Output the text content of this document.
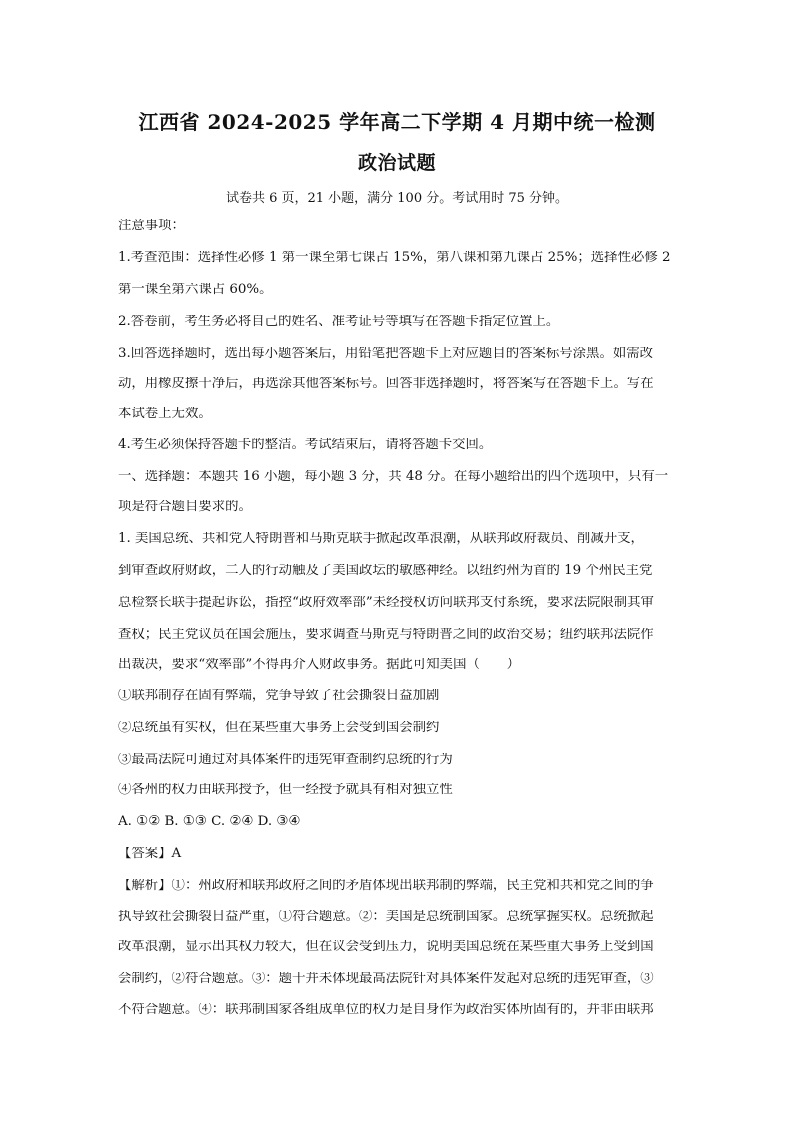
江西省 2024-2025 学年高二下学期 4 月期中统一检测
政治试题
试卷共 6 页，21 小题，满分 100 分。考试用时 75 分钟。
注意事项：
1.考查范围：选择性必修 1 第一课至第七课占 15%，第八课和第九课占 25%；选择性必修 2
第一课至第六课占 60%。
2.答卷前，考生务必将自己的姓名、准考证号等填写在答题卡指定位置上。
3.回答选择题时，选出每小题答案后，用铅笔把答题卡上对应题目的答案标号涂黑。如需改
动，用橡皮擦干净后，再选涂其他答案标号。回答非选择题时，将答案写在答题卡上。写在
本试卷上无效。
4.考生必须保持答题卡的整洁。考试结束后，请将答题卡交回。
一、选择题：本题共 16 小题，每小题 3 分，共 48 分。在每小题给出的四个选项中，只有一
项是符合题目要求的。
1. 美国总统、共和党人特朗普和马斯克联手掀起改革浪潮，从联邦政府裁员、削减开支，
到审查政府财政，二人的行动触及了美国政坛的敏感神经。以纽约州为首的 19 个州民主党
总检察长联手提起诉讼，指控“政府效率部”未经授权访问联邦支付系统，要求法院限制其审
查权；民主党议员在国会施压，要求调查马斯克与特朗普之间的政治交易；纽约联邦法院作
出裁决，要求“效率部”不得再介入财政事务。据此可知美国（　　）
①联邦制存在固有弊端，党争导致了社会撕裂日益加剧
②总统虽有实权，但在某些重大事务上会受到国会制约
③最高法院可通过对具体案件的违宪审查制约总统的行为
④各州的权力由联邦授予，但一经授予就具有相对独立性
A. ①② B. ①③ C. ②④ D. ③④
【答案】A
【解析】①：州政府和联邦政府之间的矛盾体现出联邦制的弊端，民主党和共和党之间的争
执导致社会撕裂日益严重，①符合题意。②：美国是总统制国家。总统掌握实权。总统掀起
改革浪潮，显示出其权力较大，但在议会受到压力，说明美国总统在某些重大事务上受到国
会制约，②符合题意。③：题干并未体现最高法院针对具体案件发起对总统的违宪审查，③
不符合题意。④：联邦制国家各组成单位的权力是自身作为政治实体所固有的，并非由联邦
